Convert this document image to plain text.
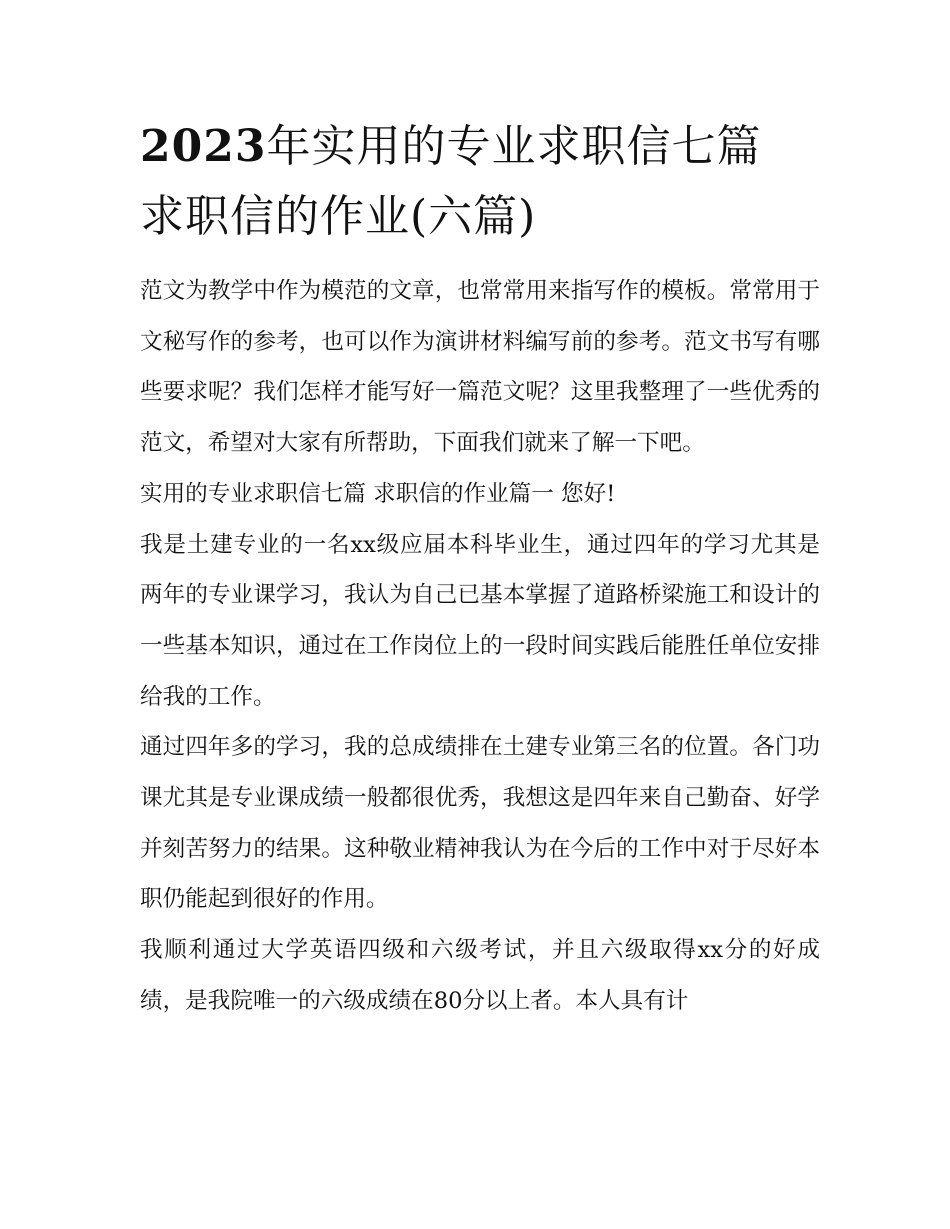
2023年实用的专业求职信七篇
求职信的作业(六篇)

范文为教学中作为模范的文章，也常常用来指写作的模板。常常用于文秘写作的参考，也可以作为演讲材料编写前的参考。范文书写有哪些要求呢？我们怎样才能写好一篇范文呢？这里我整理了一些优秀的范文，希望对大家有所帮助，下面我们就来了解一下吧。

实用的专业求职信七篇 求职信的作业篇一 您好!

我是土建专业的一名xx级应届本科毕业生，通过四年的学习尤其是两年的专业课学习，我认为自己已基本掌握了道路桥梁施工和设计的一些基本知识，通过在工作岗位上的一段时间实践后能胜任单位安排给我的工作。

通过四年多的学习，我的总成绩排在土建专业第三名的位置。各门功课尤其是专业课成绩一般都很优秀，我想这是四年来自己勤奋、好学并刻苦努力的结果。这种敬业精神我认为在今后的工作中对于尽好本职仍能起到很好的作用。

我顺利通过大学英语四级和六级考试，并且六级取得xx分的好成绩，是我院唯一的六级成绩在80分以上者。本人具有计
